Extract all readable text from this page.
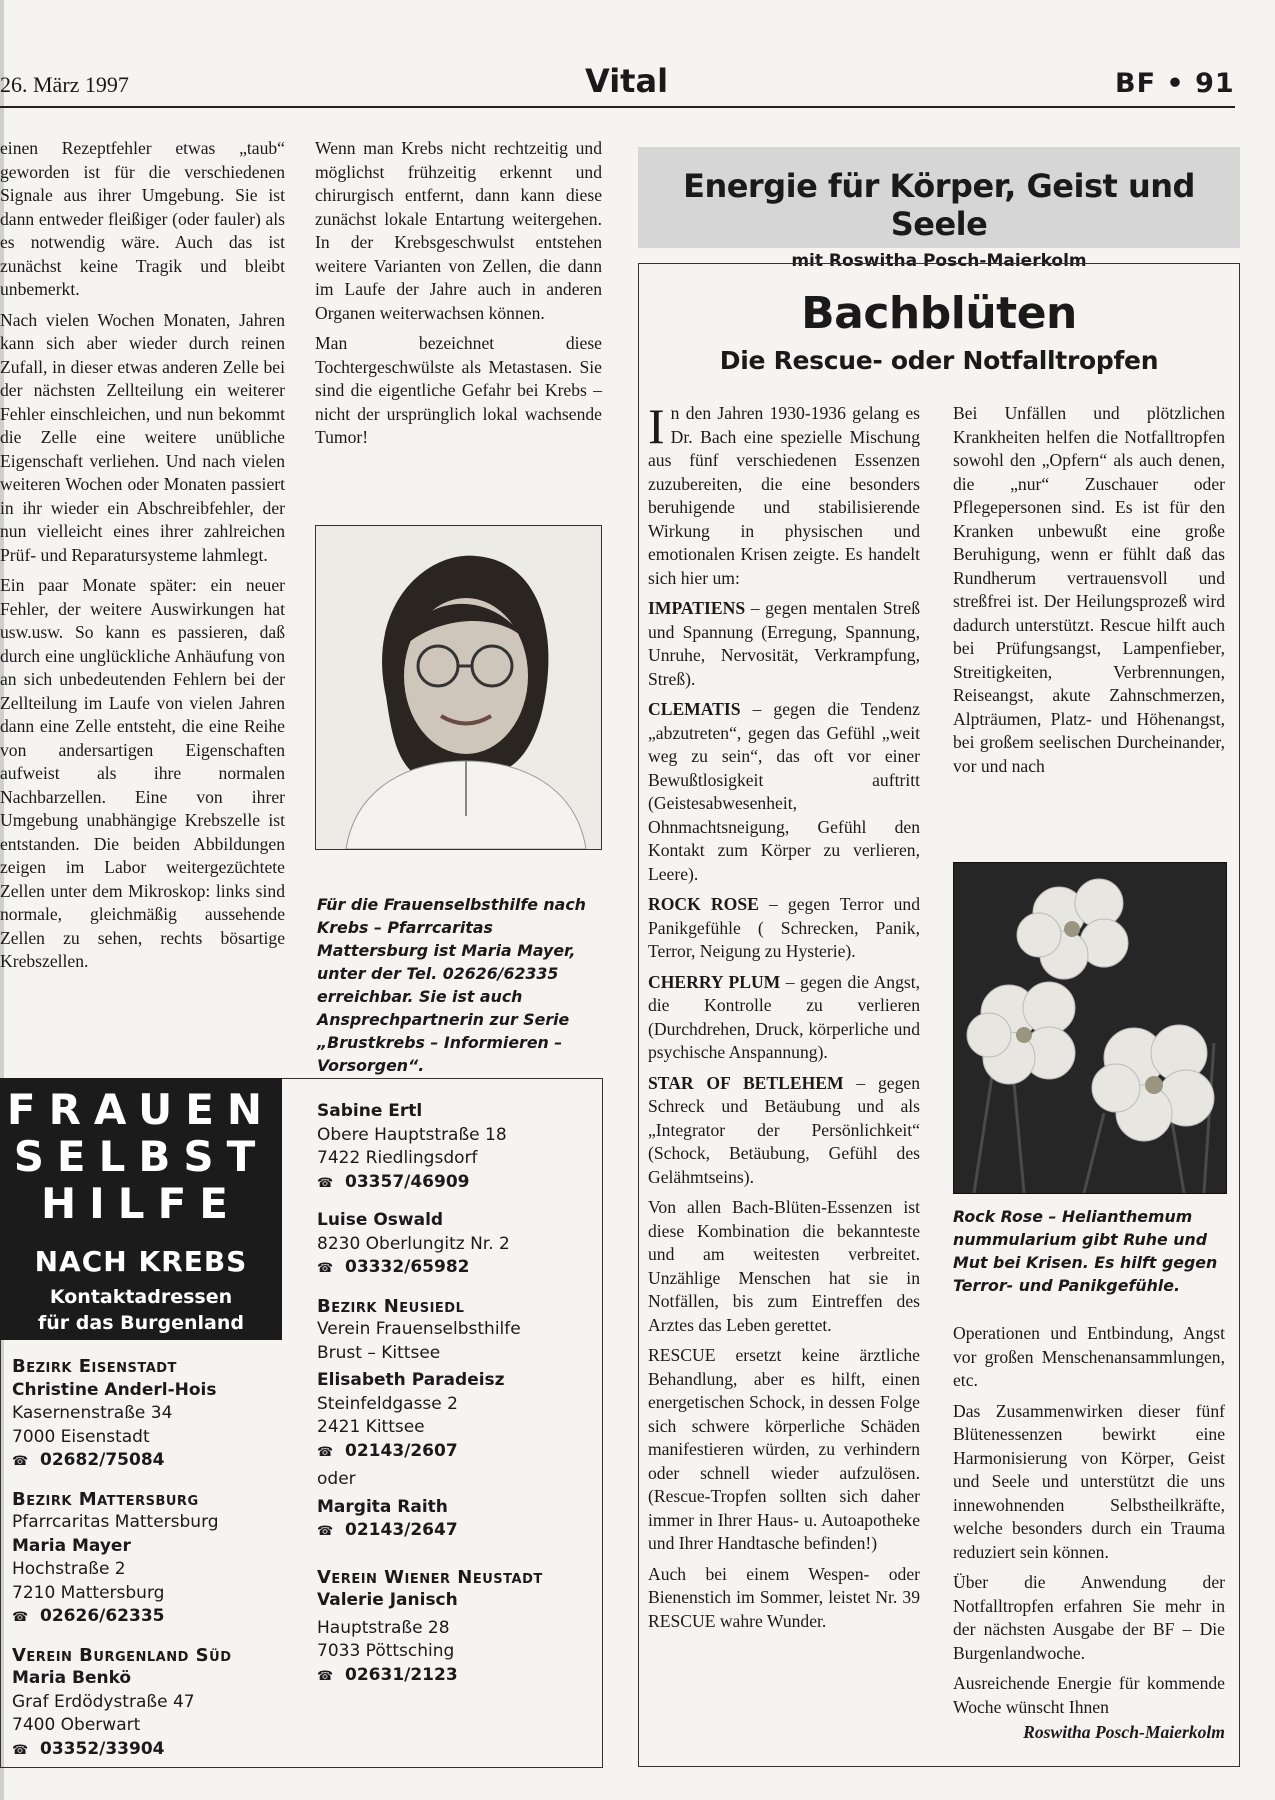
26. März 1997	Vital	BF • 91

einen Rezeptfehler etwas „taub“ geworden ist für die verschiedenen Signale aus ihrer Umgebung. Sie ist dann entweder fleißiger (oder fauler) als es notwendig wäre. Auch das ist zunächst keine Tragik und bleibt unbemerkt.

Nach vielen Wochen Monaten, Jahren kann sich aber wieder durch reinen Zufall, in dieser etwas anderen Zelle bei der nächsten Zellteilung ein weiterer Fehler einschleichen, und nun bekommt die Zelle eine weitere unübliche Eigenschaft verliehen. Und nach vielen weiteren Wochen oder Monaten passiert in ihr wieder ein Abschreibfehler, der nun vielleicht eines ihrer zahlreichen Prüf- und Reparatursysteme lahmlegt.

Ein paar Monate später: ein neuer Fehler, der weitere Auswirkungen hat usw.usw. So kann es passieren, daß durch eine unglückliche Anhäufung von an sich unbedeutenden Fehlern bei der Zellteilung im Laufe von vielen Jahren dann eine Zelle entsteht, die eine Reihe von andersartigen Eigenschaften aufweist als ihre normalen Nachbarzellen. Eine von ihrer Umgebung unabhängige Krebszelle ist entstanden. Die beiden Abbildungen zeigen im Labor weitergezüchtete Zellen unter dem Mikroskop: links sind normale, gleichmäßig aussehende Zellen zu sehen, rechts bösartige Krebszellen.

Wenn man Krebs nicht rechtzeitig und möglichst frühzeitig erkennt und chirurgisch entfernt, dann kann diese zunächst lokale Entartung weitergehen. In der Krebsgeschwulst entstehen weitere Varianten von Zellen, die dann im Laufe der Jahre auch in anderen Organen weiterwachsen können.

Man bezeichnet diese Tochtergeschwülste als Metastasen. Sie sind die eigentliche Gefahr bei Krebs – nicht der ursprünglich lokal wachsende Tumor!

Für die Frauenselbsthilfe nach Krebs – Pfarrcaritas Mattersburg ist Maria Mayer, unter der Tel. 02626/62335 erreichbar. Sie ist auch Ansprechpartnerin zur Serie „Brustkrebs – Informieren – Vorsorgen“.
Energie für Körper, Geist und Seele
mit Roswitha Posch-Maierkolm
Bachblüten
Die Rescue- oder Notfalltropfen

In den Jahren 1930-1936 gelang es Dr. Bach eine spezielle Mischung aus fünf verschiedenen Essenzen zuzubereiten, die eine besonders beruhigende und stabilisierende Wirkung in physischen und emotionalen Krisen zeigte. Es handelt sich hier um:

IMPATIENS – gegen mentalen Streß und Spannung (Erregung, Spannung, Unruhe, Nervosität, Verkrampfung, Streß).

CLEMATIS – gegen die Tendenz „abzutreten“, gegen das Gefühl „weit weg zu sein“, das oft vor einer Bewußtlosigkeit auftritt (Geistesabwesenheit, Ohnmachtsneigung, Gefühl den Kontakt zum Körper zu verlieren, Leere).

ROCK ROSE – gegen Terror und Panikgefühle ( Schrecken, Panik, Terror, Neigung zu Hysterie).

CHERRY PLUM – gegen die Angst, die Kontrolle zu verlieren (Durchdrehen, Druck, körperliche und psychische Anspannung).

STAR OF BETLEHEM – gegen Schreck und Betäubung und als „Integrator der Persönlichkeit“ (Schock, Betäubung, Gefühl des Gelähmtseins).

Von allen Bach-Blüten-Essenzen ist diese Kombination die bekannteste und am weitesten verbreitet. Unzählige Menschen hat sie in Notfällen, bis zum Eintreffen des Arztes das Leben gerettet.

RESCUE ersetzt keine ärztliche Behandlung, aber es hilft, einen energetischen Schock, in dessen Folge sich schwere körperliche Schäden manifestieren würden, zu verhindern oder schnell wieder aufzulösen. (Rescue-Tropfen sollten sich daher immer in Ihrer Haus- u. Autoapotheke und Ihrer Handtasche befinden!)

Auch bei einem Wespen- oder Bienenstich im Sommer, leistet Nr. 39 RESCUE wahre Wunder.

Bei Unfällen und plötzlichen Krankheiten helfen die Notfalltropfen sowohl den „Opfern“ als auch denen, die „nur“ Zuschauer oder Pflegepersonen sind. Es ist für den Kranken unbewußt eine große Beruhigung, wenn er fühlt daß das Rundherum vertrauensvoll und streßfrei ist. Der Heilungsprozeß wird dadurch unterstützt. Rescue hilft auch bei Prüfungsangst, Lampenfieber, Streitigkeiten, Verbrennungen, Reiseangst, akute Zahnschmerzen, Alpträumen, Platz- und Höhenangst, bei großem seelischen Durcheinander, vor und nach

Rock Rose – Helianthemum nummularium gibt Ruhe und Mut bei Krisen. Es hilft gegen Terror- und Panikgefühle.

Operationen und Entbindung, Angst vor großen Menschenansammlungen, etc.

Das Zusammenwirken dieser fünf Blütenessenzen bewirkt eine Harmonisierung von Körper, Geist und Seele und unterstützt die uns innewohnenden Selbstheilkräfte, welche besonders durch ein Trauma reduziert sein können.

Über die Anwendung der Notfalltropfen erfahren Sie mehr in der nächsten Ausgabe der BF – Die Burgenlandwoche.

Ausreichende Energie für kommende Woche wünscht Ihnen

Roswitha Posch-Maierkolm
FRAUEN
SELBST
HILFE
NACH KREBS
Kontaktadressen
für das Burgenland
Bezirk Eisenstadt
Christine Anderl-Hois
Kasernenstraße 34
7000 Eisenstadt
☎ 02682/75084
Bezirk Mattersburg
Pfarrcaritas Mattersburg
Maria Mayer
Hochstraße 2
7210 Mattersburg
☎ 02626/62335
Verein Burgenland Süd
Maria Benkö
Graf Erdödystraße 47
7400 Oberwart
☎ 03352/33904
Sabine Ertl
Obere Hauptstraße 18
7422 Riedlingsdorf
☎ 03357/46909
Luise Oswald
8230 Oberlungitz Nr. 2
☎ 03332/65982
Bezirk Neusiedl
Verein Frauenselbsthilfe
Brust – Kittsee
Elisabeth Paradeisz
Steinfeldgasse 2
2421 Kittsee
☎ 02143/2607
oder
Margita Raith
☎ 02143/2647
Verein Wiener Neustadt
Valerie Janisch
Hauptstraße 28
7033 Pöttsching
☎ 02631/2123
